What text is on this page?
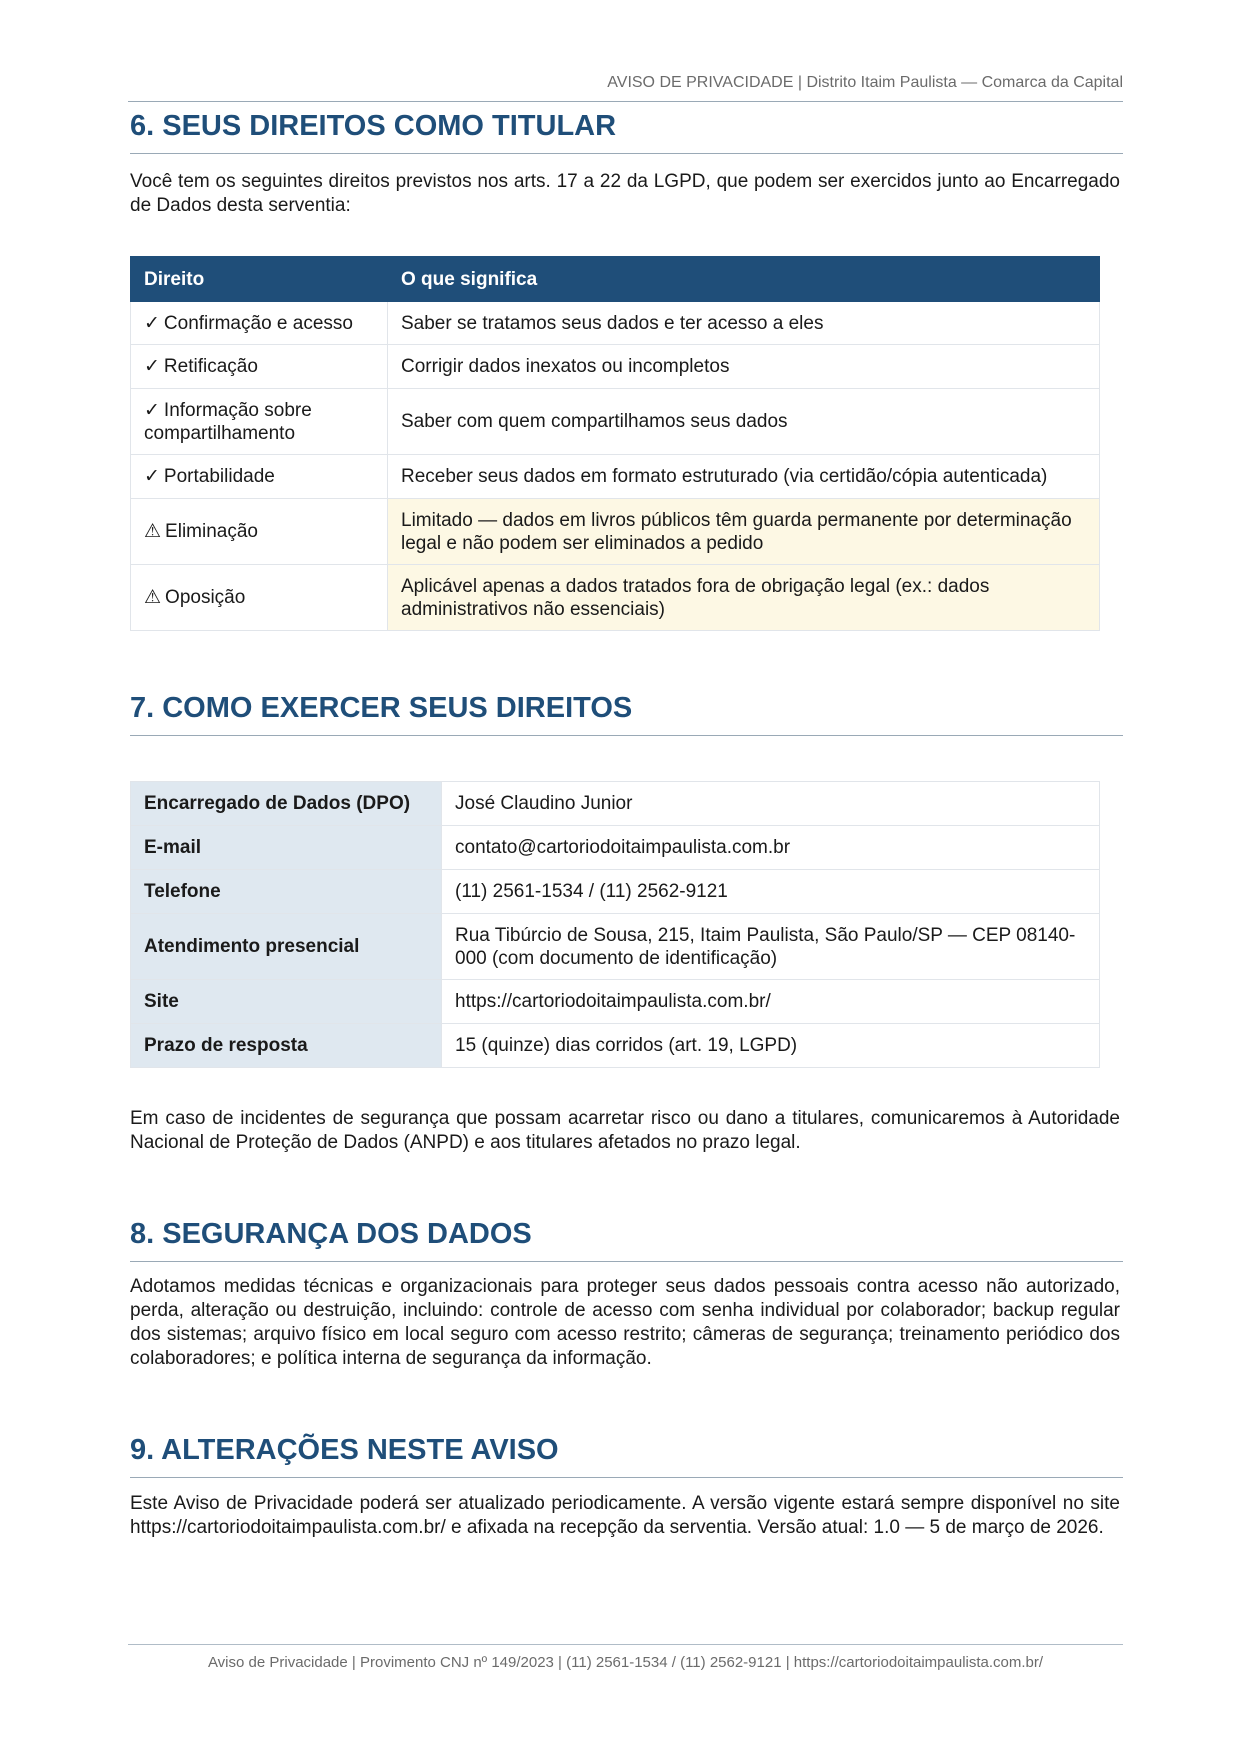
AVISO DE PRIVACIDADE | Distrito Itaim Paulista — Comarca da Capital
6. SEUS DIREITOS COMO TITULAR

Você tem os seguintes direitos previstos nos arts. 17 a 22 da LGPD, que podem ser exercidos junto ao Encarregado de Dados desta serventia:

Direito	O que significa
✓ Confirmação e acesso	Saber se tratamos seus dados e ter acesso a eles
✓ Retificação	Corrigir dados inexatos ou incompletos
✓ Informação sobre compartilhamento	Saber com quem compartilhamos seus dados
✓ Portabilidade	Receber seus dados em formato estruturado (via certidão/cópia autenticada)
⚠ Eliminação	Limitado — dados em livros públicos têm guarda permanente por determinação legal e não podem ser eliminados a pedido
⚠ Oposição	Aplicável apenas a dados tratados fora de obrigação legal (ex.: dados administrativos não essenciais)
7. COMO EXERCER SEUS DIREITOS
Encarregado de Dados (DPO)	José Claudino Junior
E-mail	contato@cartoriodoitaimpaulista.com.br
Telefone	(11) 2561-1534 / (11) 2562-9121
Atendimento presencial	Rua Tibúrcio de Sousa, 215, Itaim Paulista, São Paulo/SP — CEP 08140-000 (com documento de identificação)
Site	https://cartoriodoitaimpaulista.com.br/
Prazo de resposta	15 (quinze) dias corridos (art. 19, LGPD)

Em caso de incidentes de segurança que possam acarretar risco ou dano a titulares, comunicaremos à Autoridade Nacional de Proteção de Dados (ANPD) e aos titulares afetados no prazo legal.

8. SEGURANÇA DOS DADOS

Adotamos medidas técnicas e organizacionais para proteger seus dados pessoais contra acesso não autorizado, perda, alteração ou destruição, incluindo: controle de acesso com senha individual por colaborador; backup regular dos sistemas; arquivo físico em local seguro com acesso restrito; câmeras de segurança; treinamento periódico dos colaboradores; e política interna de segurança da informação.

9. ALTERAÇÕES NESTE AVISO

Este Aviso de Privacidade poderá ser atualizado periodicamente. A versão vigente estará sempre disponível no site https://cartoriodoitaimpaulista.com.br/ e afixada na recepção da serventia. Versão atual: 1.0 — 5 de março de 2026.

Aviso de Privacidade | Provimento CNJ nº 149/2023 | (11) 2561-1534 / (11) 2562-9121 | https://cartoriodoitaimpaulista.com.br/
